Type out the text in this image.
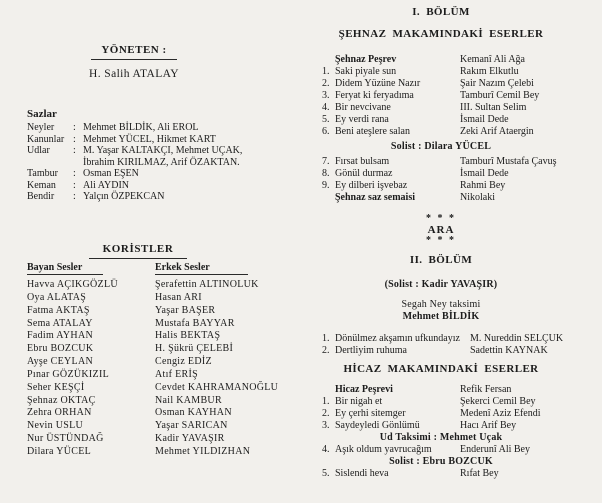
YÖNETEN :
H. Salih ATALAY
Sazlar
Neyler : Mehmet BİLDİK, Ali EROL
Kanunlar : Mehmet YÜCEL, Hikmet KART
Udlar : M. Yaşar KALTAKÇI, Mehmet UÇAK,
İbrahim KIRILMAZ, Arif ÖZAKTAN.
Tambur : Osman EŞEN
Keman : Ali AYDIN
Bendir : Yalçın ÖZPEKCAN
KORİSTLER
Bayan Sesler
Havva AÇIKGÖZLÜ
Oya ALATAŞ
Fatma AKTAŞ
Sema ATALAY
Fadim AYHAN
Ebru BOZCUK
Ayşe CEYLAN
Pınar GÖZÜKIZIL
Seher KEŞÇİ
Şehnaz OKTAÇ
Zehra ORHAN
Nevin USLU
Nur ÜSTÜNDAĞ
Dilara YÜCEL
Erkek Sesler
Şerafettin ALTINOLUK
Hasan ARI
Yaşar BAŞER
Mustafa BAYYAR
Halis BEKTAŞ
H. Şükrü ÇELEBİ
Cengiz EDİZ
Atıf ERİŞ
Cevdet KAHRAMANOĞLU
Nail KAMBUR
Osman KAYHAN
Yaşar SARICAN
Kadir YAVAŞIR
Mehmet YILDIZHAN
I. BÖLÜM
ŞEHNAZ MAKAMINDAKİ ESERLER
Şehnaz Peşrev	Kemanî Ali Ağa
1. Saki piyale sun	Rakım Elkutlu
2. Didem Yüzüne Nazır	Şair Nazım Çelebi
3. Feryat ki feryadıma	Tamburî Cemil Bey
4. Bir nevcivane	III. Sultan Selim
5. Ey verdi rana	İsmail Dede
6. Beni ateşlere salan	Zeki Arif Ataergin
Solist : Dilara YÜCEL
7. Fırsat bulsam	Tamburî Mustafa Çavuş
8. Gönül durmaz	İsmail Dede
9. Ey dilberi işvebaz	Rahmi Bey
Şehnaz saz semaisi	Nikolaki
* * *
ARA
* * *
II. BÖLÜM
(Solist : Kadir YAVAŞIR)
Segah Ney taksimi
Mehmet BİLDİK
1. Dönülmez akşamın ufkundayız M. Nureddin SELÇUK
2. Dertliyim ruhuma	Sadettin KAYNAK
HİCAZ MAKAMINDAKİ ESERLER
Hicaz Peşrevi	Refik Fersan
1. Bir nigah et	Şekerci Cemil Bey
2. Ey çerhi sitemger	Medenî Aziz Efendi
3. Saydeyledi Gönlümü	Hacı Arif Bey
Ud Taksimi : Mehmet Uçak
4. Aşık oldum yavrucağım	Enderunî Ali Bey
Solist : Ebru BOZCUK
5. Sislendi heva	Rıfat Bey
